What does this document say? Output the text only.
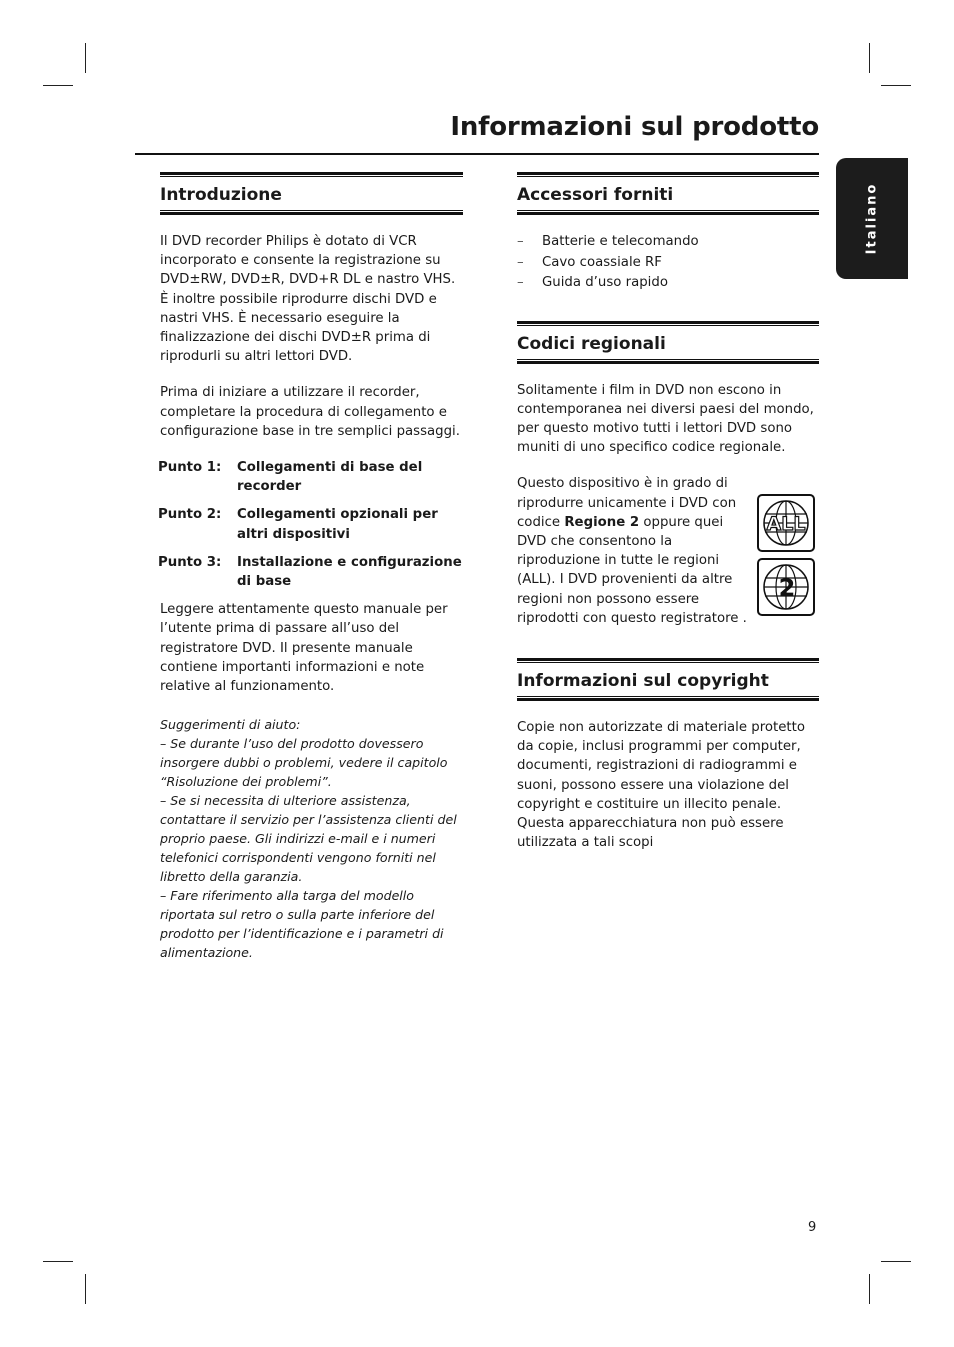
Informazioni sul prodotto
Italiano
Introduzione

Il DVD recorder Philips è dotato di VCR incorporato e consente la registrazione su DVD±RW, DVD±R, DVD+R DL e nastro VHS. È inoltre possibile riprodurre dischi DVD e nastri VHS. È necessario eseguire la finalizzazione dei dischi DVD±R prima di riprodurli su altri lettori DVD.

Prima di iniziare a utilizzare il recorder, completare la procedura di collegamento e configurazione base in tre semplici passaggi.

Punto 1:	Collegamenti di base del recorder
Punto 2:	Collegamenti opzionali per altri dispositivi
Punto 3:	Installazione e configurazione di base

Leggere attentamente questo manuale per l’utente prima di passare all’uso del registratore DVD. Il presente manuale contiene importanti informazioni e note relative al funzionamento.

Suggerimenti di aiuto:

– Se durante l’uso del prodotto dovessero insorgere dubbi o problemi, vedere il capitolo “Risoluzione dei problemi”.

– Se si necessita di ulteriore assistenza, contattare il servizio per l’assistenza clienti del proprio paese. Gli indirizzi e-mail e i numeri telefonici corrispondenti vengono forniti nel libretto della garanzia.

– Fare riferimento alla targa del modello riportata sul retro o sulla parte inferiore del prodotto per l’identificazione e i parametri di alimentazione.

Accessori forniti
–	Batterie e telecomando
–	Cavo coassiale RF
–	Guida d’uso rapido
Codici regionali

Solitamente i film in DVD non escono in contemporanea nei diversi paesi del mondo, per questo motivo tutti i lettori DVD sono muniti di uno specifico codice regionale.

Questo dispositivo è in grado di riprodurre unicamente i DVD con codice Regione 2 oppure quei DVD che consentono la riproduzione in tutte le regioni (ALL). I DVD provenienti da altre regioni non possono essere riprodotti con questo registratore .

ALL
2
Informazioni sul copyright

Copie non autorizzate di materiale protetto da copie, inclusi programmi per computer, documenti, registrazioni di radiogrammi e suoni, possono essere una violazione del copyright e costituire un illecito penale. Questa apparecchiatura non può essere utilizzata a tali scopi

9
